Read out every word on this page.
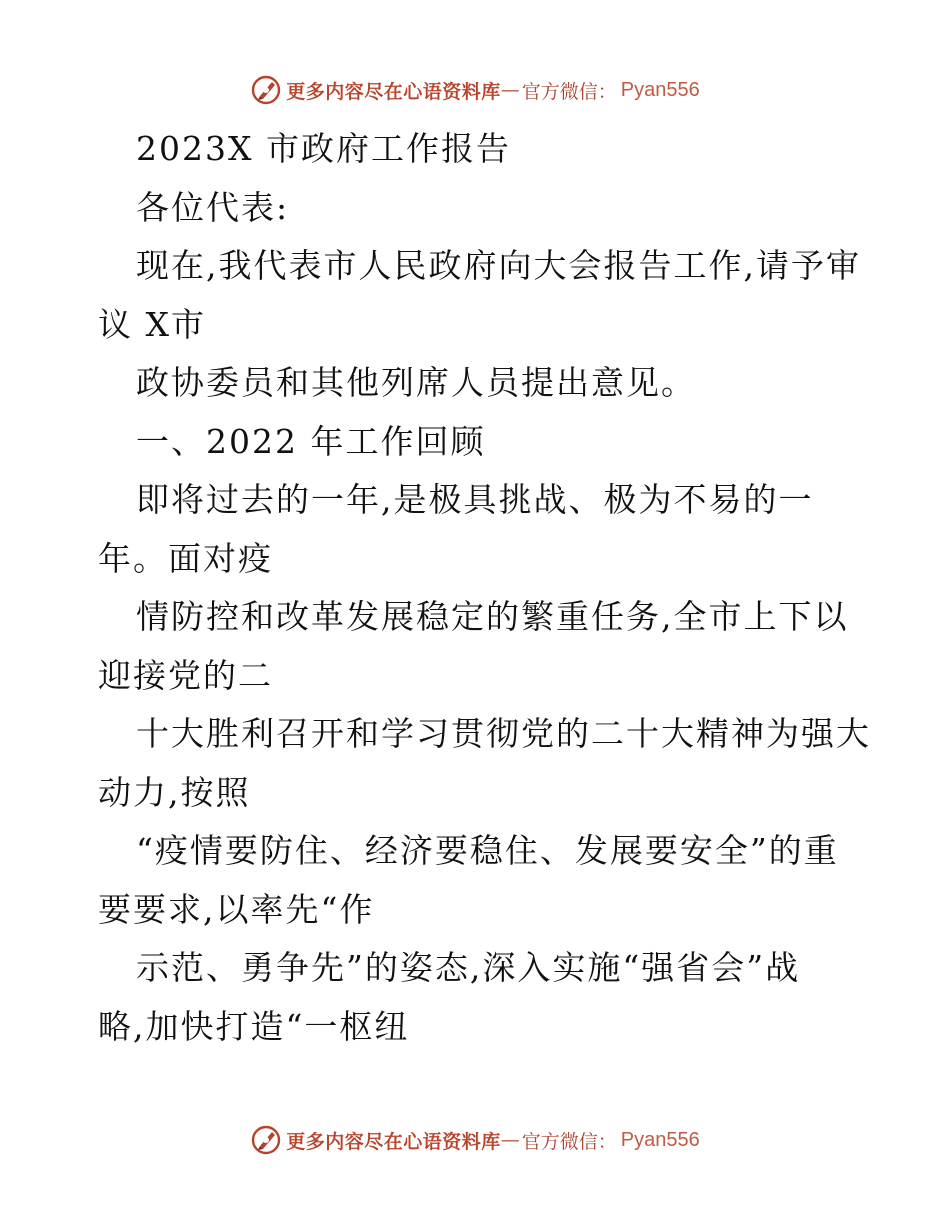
更多内容尽在心语资料库 — 官方微信： Pyan556
2023X 市政府工作报告
各位代表:
现在,我代表市人民政府向大会报告工作,请予审
议 X市
政协委员和其他列席人员提出意见。
一、2022 年工作回顾
即将过去的一年,是极具挑战、极为不易的一
年。面对疫
情防控和改革发展稳定的繁重任务,全市上下以
迎接党的二
十大胜利召开和学习贯彻党的二十大精神为强大
动力,按照
“疫情要防住、经济要稳住、发展要安全”的重
要要求,以率先“作
示范、勇争先”的姿态,深入实施“强省会”战
略,加快打造“一枢纽
更多内容尽在心语资料库 — 官方微信： Pyan556
